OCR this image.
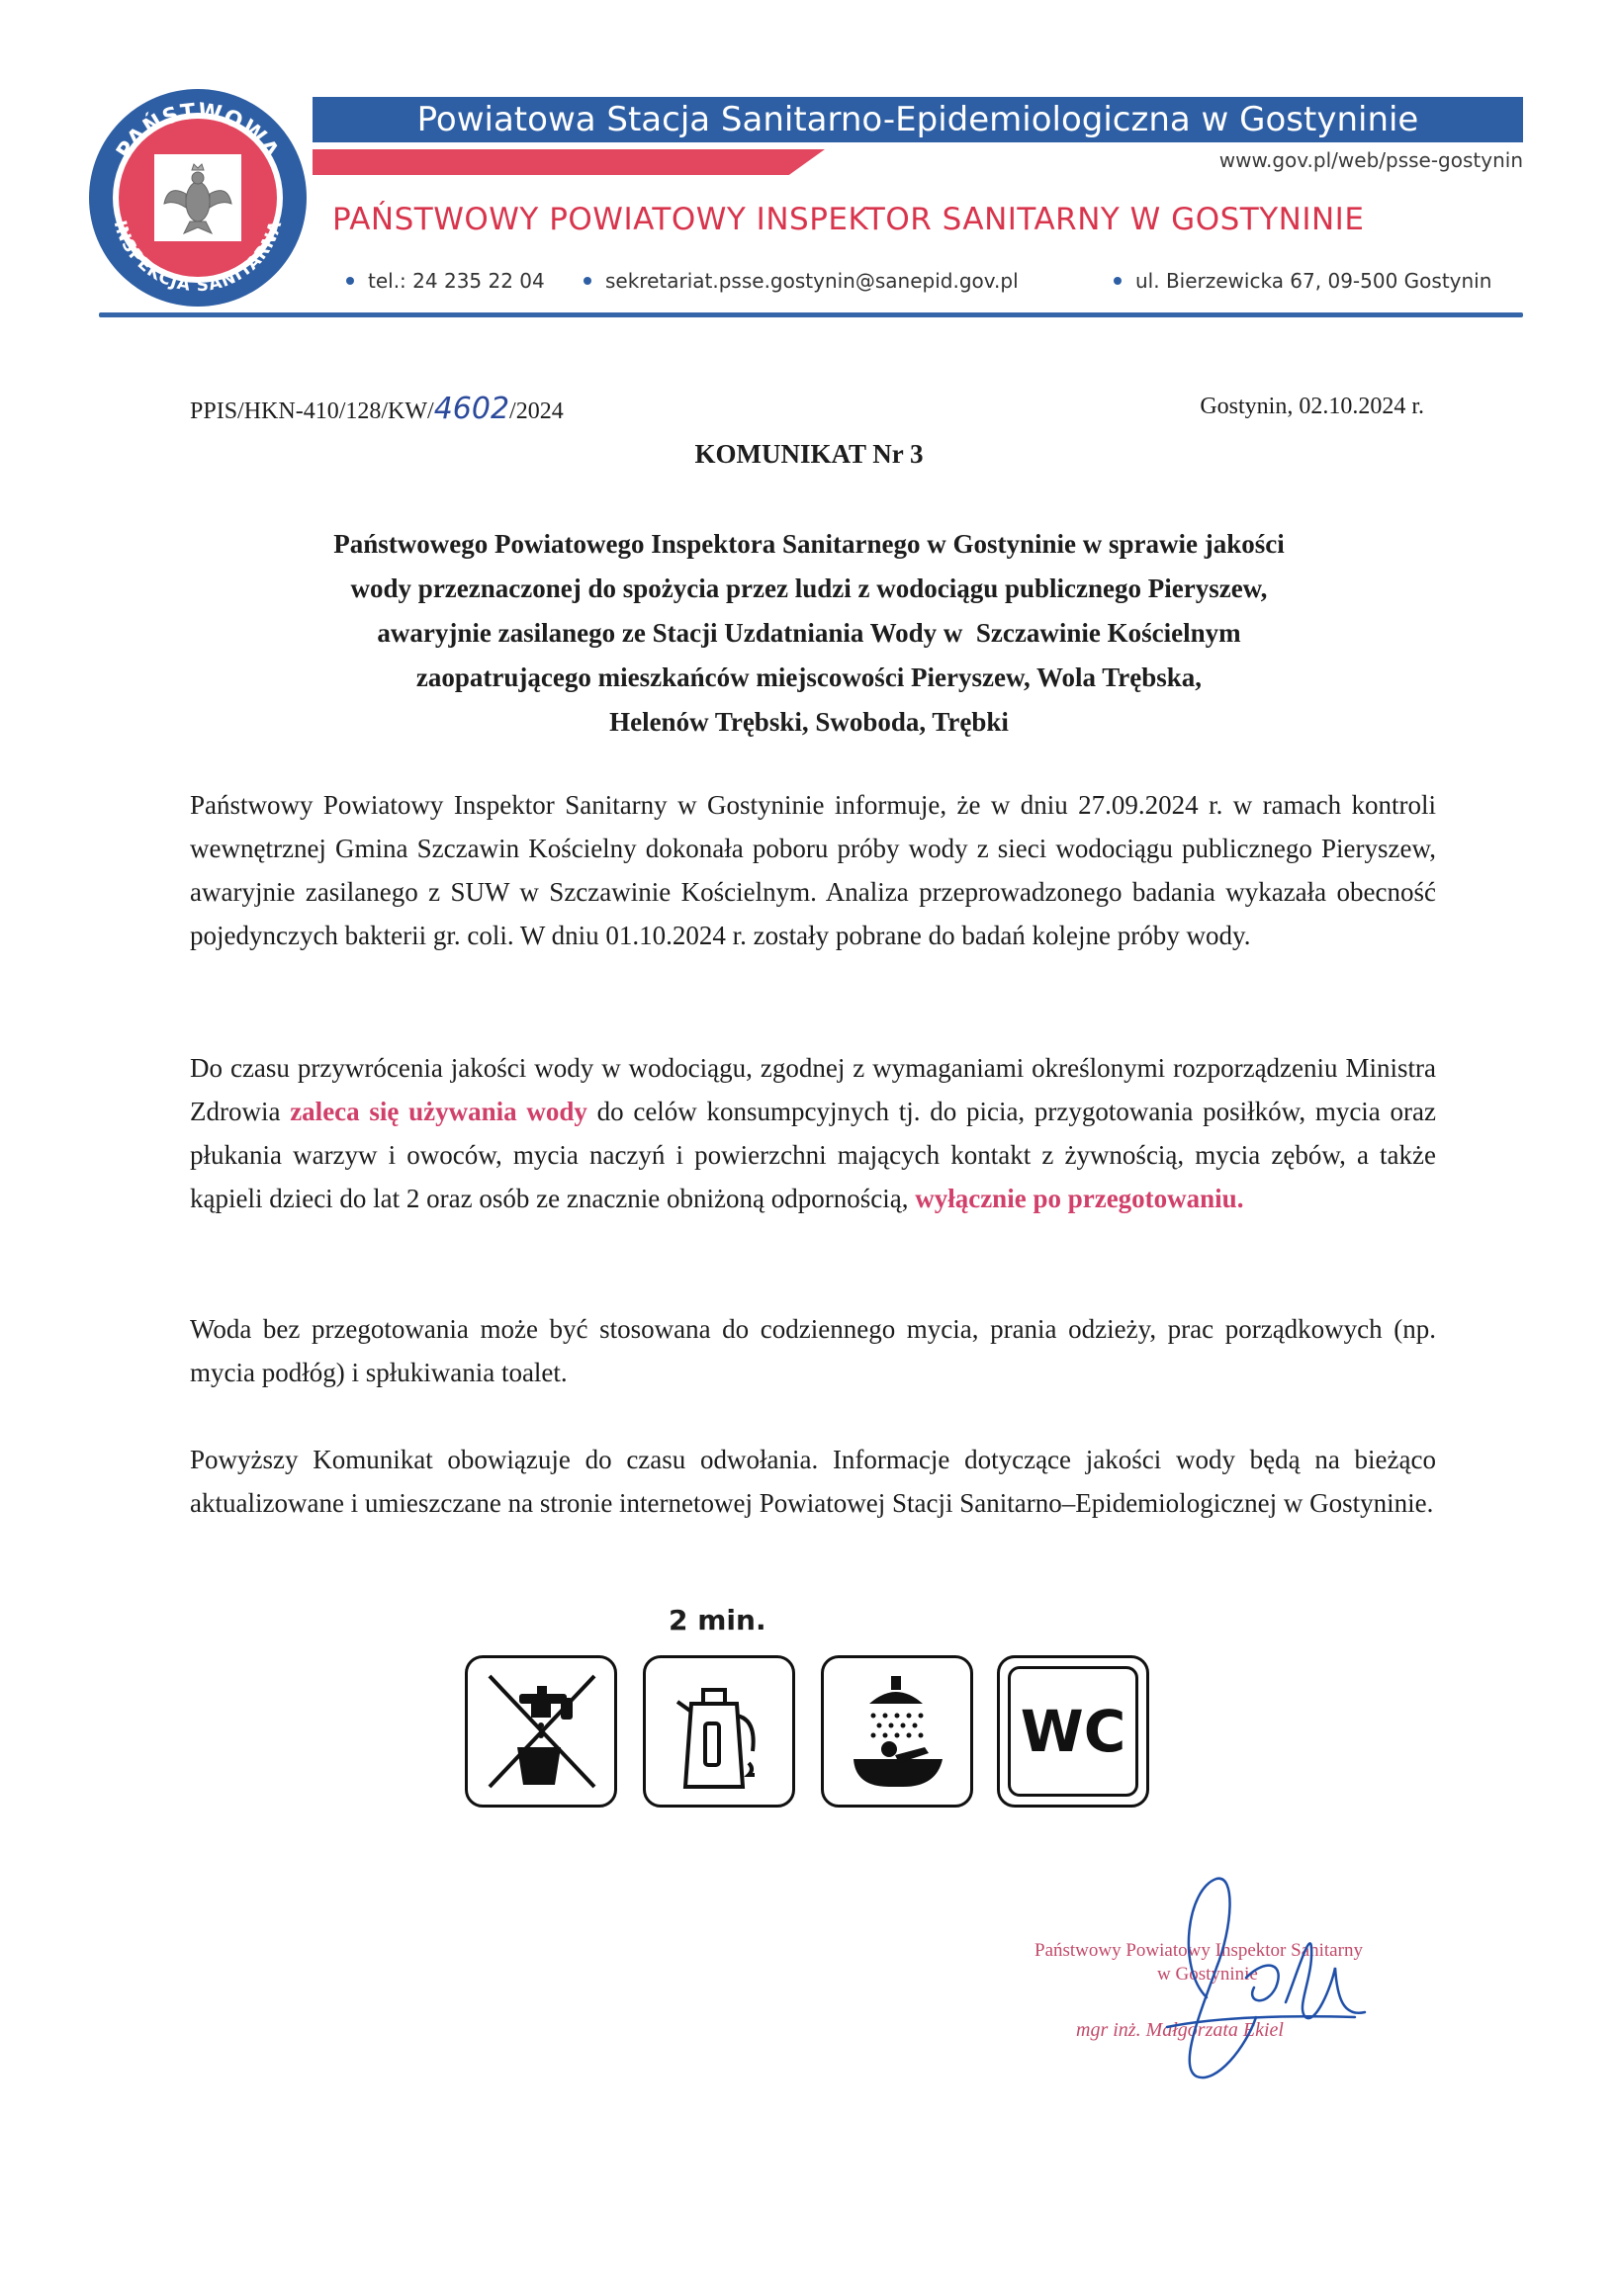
PAŃSTWOWA
INSPEKCJA SANITARNA
Powiatowa Stacja Sanitarno-Epidemiologiczna w Gostyninie
www.gov.pl/web/psse-gostynin
PAŃSTWOWY POWIATOWY INSPEKTOR SANITARNY W GOSTYNINIE
tel.: 24 235 22 04	sekretariat.psse.gostynin@sanepid.gov.pl	ul. Bierzewicka 67, 09-500 Gostynin
PPIS/HKN-410/128/KW/4602/2024	Gostynin, 02.10.2024 r.
KOMUNIKAT Nr 3
Państwowego Powiatowego Inspektora Sanitarnego w Gostyninie w sprawie jakości
wody przeznaczonej do spożycia przez ludzi z wodociągu publicznego Pieryszew,
awaryjnie zasilanego ze Stacji Uzdatniania Wody w  Szczawinie Kościelnym
zaopatrującego mieszkańców miejscowości Pieryszew, Wola Trębska,
Helenów Trębski, Swoboda, Trębki

Państwowy Powiatowy Inspektor Sanitarny w Gostyninie informuje, że w dniu 27.09.2024 r. w ramach kontroli wewnętrznej Gmina Szczawin Kościelny dokonała poboru próby wody z sieci wodociągu publicznego Pieryszew, awaryjnie zasilanego z SUW w Szczawinie Kościelnym. Analiza przeprowadzonego badania wykazała obecność pojedynczych bakterii gr. coli. W dniu 01.10.2024 r. zostały pobrane do badań kolejne próby wody.

Do czasu przywrócenia jakości wody w wodociągu, zgodnej z wymaganiami określonymi rozporządzeniu Ministra Zdrowia zaleca się używania wody do celów konsumpcyjnych tj. do picia, przygotowania posiłków, mycia oraz płukania warzyw i owoców, mycia naczyń i powierzchni mających kontakt z żywnością, mycia zębów, a także kąpieli dzieci do lat 2 oraz osób ze znacznie obniżoną odpornością, wyłącznie po przegotowaniu.

Woda bez przegotowania może być stosowana do codziennego mycia, prania odzieży, prac porządkowych (np. mycia podłóg) i spłukiwania toalet.

Powyższy Komunikat obowiązuje do czasu odwołania. Informacje dotyczące jakości wody będą na bieżąco aktualizowane i umieszczane na stronie internetowej Powiatowej Stacji Sanitarno–Epidemiologicznej w Gostyninie.

2 min.
WC
Państwowy Powiatowy Inspektor Sanitarny
w Gostyninie
mgr inż. Małgorzata Ekiel
